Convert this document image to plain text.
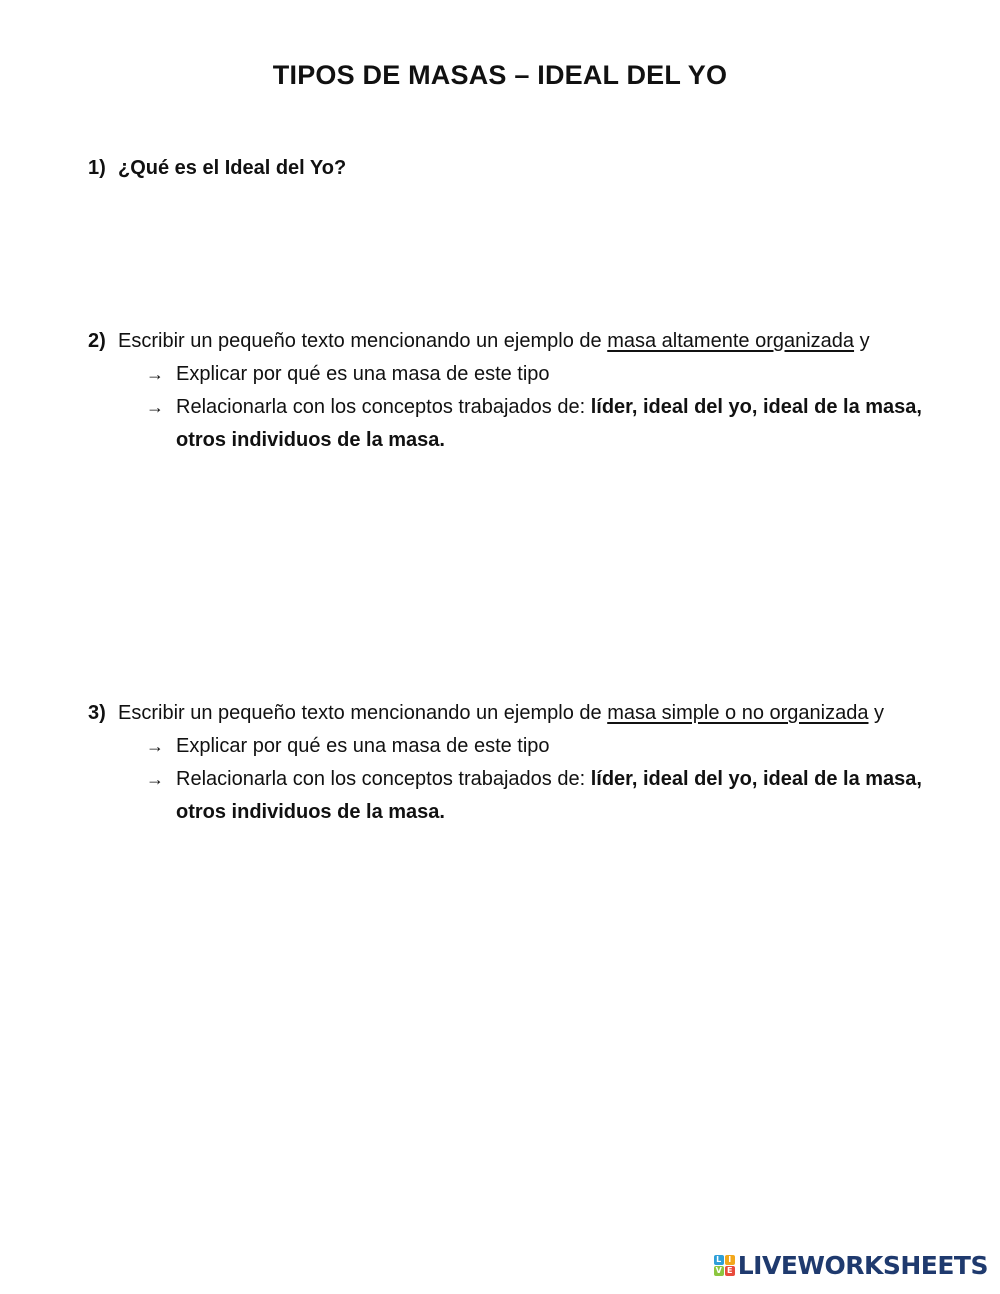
TIPOS DE MASAS – IDEAL DEL YO
1) ¿Qué es el Ideal del Yo?
2) Escribir un pequeño texto mencionando un ejemplo de masa altamente organizada y
→ Explicar por qué es una masa de este tipo
→ Relacionarla con los conceptos trabajados de: líder, ideal del yo, ideal de la masa,
otros individuos de la masa.
3) Escribir un pequeño texto mencionando un ejemplo de masa simple o no organizada y
→ Explicar por qué es una masa de este tipo
→ Relacionarla con los conceptos trabajados de: líder, ideal del yo, ideal de la masa,
otros individuos de la masa.
L I
V E LIVEWORKSHEETS
